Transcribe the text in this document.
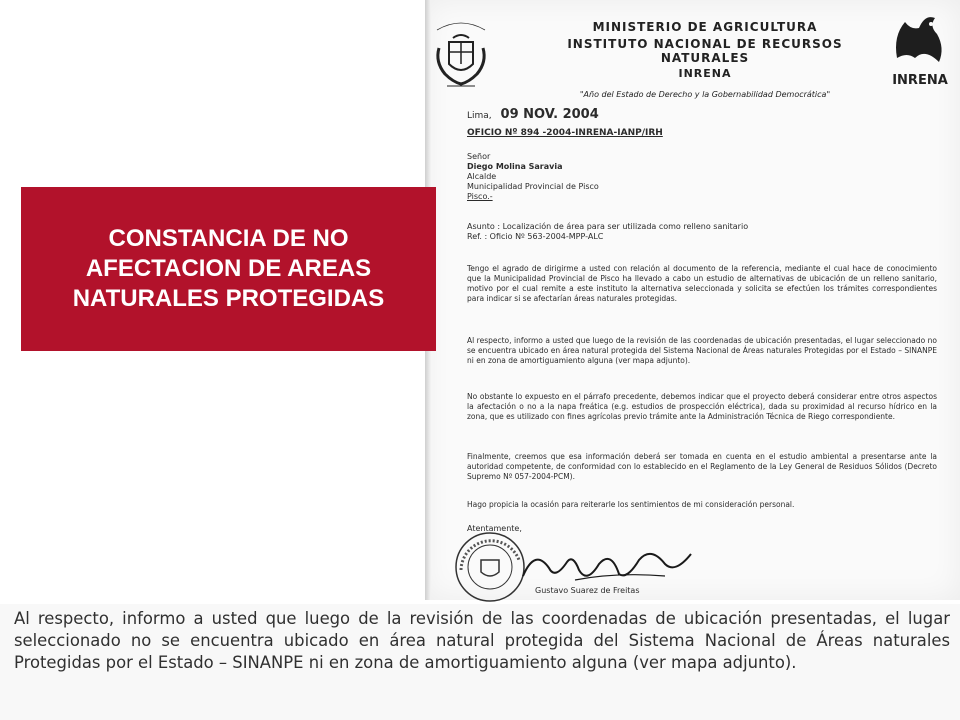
MINISTERIO DE AGRICULTURA
INSTITUTO NACIONAL DE RECURSOS NATURALES
INRENA
"Año del Estado de Derecho y la Gobernabilidad Democrática"
INRENA
Lima, 09 NOV. 2004
OFICIO Nº 894 -2004-INRENA-IANP/IRH
Señor
Diego Molina Saravia
Alcalde
Municipalidad Provincial de Pisco
Pisco.-
Asunto : Localización de área para ser utilizada como relleno sanitario
Ref. : Oficio Nº 563-2004-MPP-ALC
Tengo el agrado de dirigirme a usted con relación al documento de la referencia, mediante el cual hace de conocimiento que la Municipalidad Provincial de Pisco ha llevado a cabo un estudio de alternativas de ubicación de un relleno sanitario, motivo por el cual remite a este instituto la alternativa seleccionada y solicita se efectúen los trámites correspondientes para indicar si se afectarían áreas naturales protegidas.
Al respecto, informo a usted que luego de la revisión de las coordenadas de ubicación presentadas, el lugar seleccionado no se encuentra ubicado en área natural protegida del Sistema Nacional de Áreas naturales Protegidas por el Estado – SINANPE ni en zona de amortiguamiento alguna (ver mapa adjunto).
No obstante lo expuesto en el párrafo precedente, debemos indicar que el proyecto deberá considerar entre otros aspectos la afectación o no a la napa freática (e.g. estudios de prospección eléctrica), dada su proximidad al recurso hídrico en la zona, que es utilizado con fines agrícolas previo trámite ante la Administración Técnica de Riego correspondiente.
Finalmente, creemos que esa información deberá ser tomada en cuenta en el estudio ambiental a presentarse ante la autoridad competente, de conformidad con lo establecido en el Reglamento de la Ley General de Residuos Sólidos (Decreto Supremo Nº 057-2004-PCM).
Hago propicia la ocasión para reiterarle los sentimientos de mi consideración personal.
Atentamente,
Gustavo Suarez de Freitas
CONSTANCIA DE NO AFECTACION DE AREAS NATURALES PROTEGIDAS
Al respecto, informo a usted que luego de la revisión de las coordenadas de ubicación presentadas, el lugar seleccionado no se encuentra ubicado en área natural protegida del Sistema Nacional de Áreas naturales Protegidas por el Estado – SINANPE ni en zona de amortiguamiento alguna (ver mapa adjunto).
